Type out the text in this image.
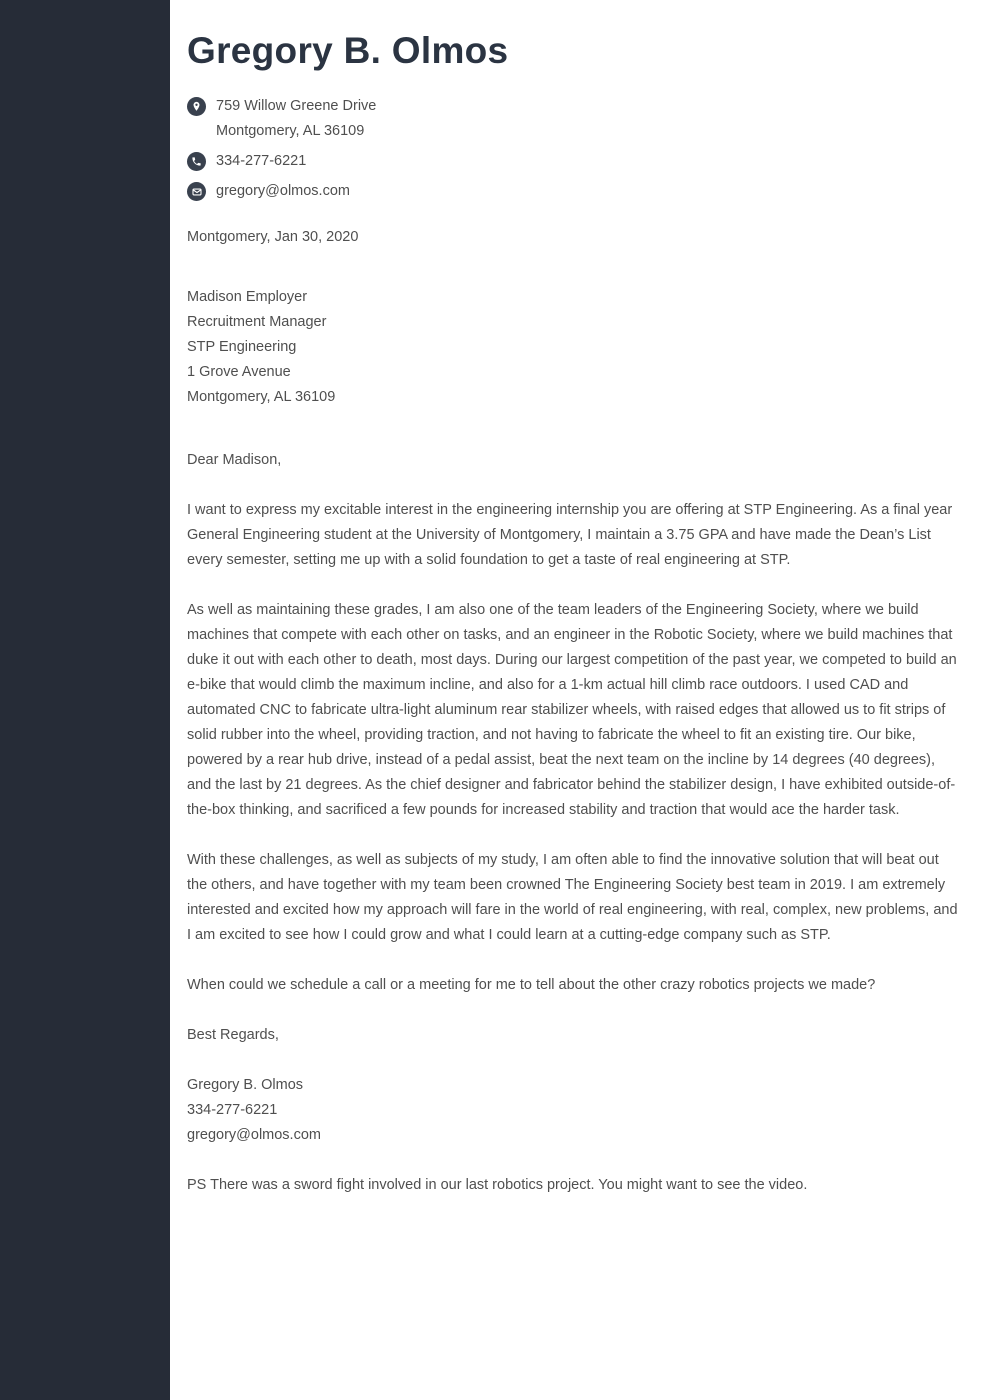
Gregory B. Olmos
759 Willow Greene Drive
Montgomery, AL 36109
334-277-6221
gregory@olmos.com

Montgomery, Jan 30, 2020

Madison Employer
Recruitment Manager
STP Engineering
1 Grove Avenue
Montgomery, AL 36109

Dear Madison,

I want to express my excitable interest in the engineering internship you are offering at STP Engineering. As a final year General Engineering student at the University of Montgomery, I maintain a 3.75 GPA and have made the Dean’s List every semester, setting me up with a solid foundation to get a taste of real engineering at STP.

As well as maintaining these grades, I am also one of the team leaders of the Engineering Society, where we build machines that compete with each other on tasks, and an engineer in the Robotic Society, where we build machines that duke it out with each other to death, most days. During our largest competition of the past year, we competed to build an e-bike that would climb the maximum incline, and also for a 1-km actual hill climb race outdoors. I used CAD and automated CNC to fabricate ultra-light aluminum rear stabilizer wheels, with raised edges that allowed us to fit strips of solid rubber into the wheel, providing traction, and not having to fabricate the wheel to fit an existing tire. Our bike, powered by a rear hub drive, instead of a pedal assist, beat the next team on the incline by 14 degrees (40 degrees), and the last by 21 degrees. As the chief designer and fabricator behind the stabilizer design, I have exhibited outside-of-the-box thinking, and sacrificed a few pounds for increased stability and traction that would ace the harder task.

With these challenges, as well as subjects of my study, I am often able to find the innovative solution that will beat out the others, and have together with my team been crowned The Engineering Society best team in 2019. I am extremely interested and excited how my approach will fare in the world of real engineering, with real, complex, new problems, and I am excited to see how I could grow and what I could learn at a cutting-edge company such as STP.

When could we schedule a call or a meeting for me to tell about the other crazy robotics projects we made?

Best Regards,

Gregory B. Olmos
334-277-6221
gregory@olmos.com

PS There was a sword fight involved in our last robotics project. You might want to see the video.
